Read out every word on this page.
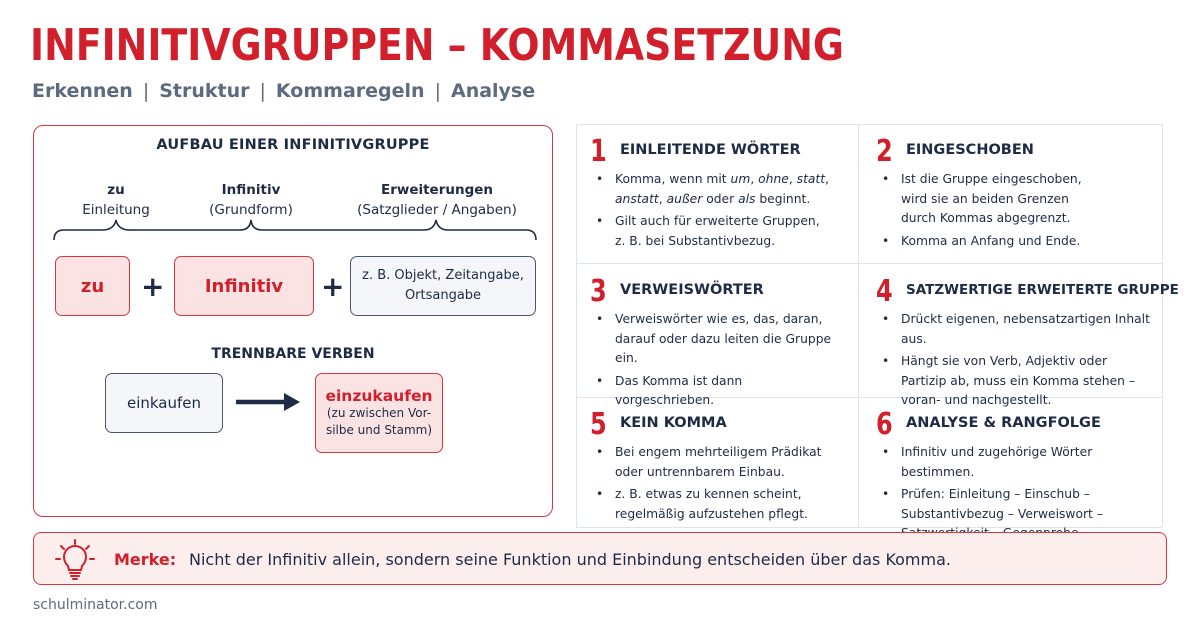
INFINITIVGRUPPEN – KOMMASETZUNG
Erkennen | Struktur | Kommaregeln | Analyse
AUFBAU EINER INFINITIVGRUPPE
zu
Einleitung
Infinitiv
(Grundform)
Erweiterungen
(Satzglieder / Angaben)
zu	+	Infinitiv	+ z. B. Objekt, Zeitangabe,
Ortsangabe
TRENNBARE VERBEN
einkaufen	einzukaufen
(zu zwischen Vor-
silbe und Stamm)
1 EINLEITENDE WÖRTER
• Komma, wenn mit um, ohne, statt,
anstatt, außer oder als beginnt.
• Gilt auch für erweiterte Gruppen,
z. B. bei Substantivbezug.
2 EINGESCHOBEN
• Ist die Gruppe eingeschoben,
wird sie an beiden Grenzen
durch Kommas abgegrenzt.
• Komma an Anfang und Ende.
3 VERWEISWÖRTER
• Verweiswörter wie es, das, daran,
darauf oder dazu leiten die Gruppe ein.
• Das Komma ist dann
vorgeschrieben.
4 SATZWERTIGE ERWEITERTE GRUPPE
• Drückt eigenen, nebensatzartigen Inhalt aus.
• Hängt sie von Verb, Adjektiv oder
Partizip ab, muss ein Komma stehen –
voran- und nachgestellt.
5 KEIN KOMMA
• Bei engem mehrteiligem Prädikat
oder untrennbarem Einbau.
• z. B. etwas zu kennen scheint,
regelmäßig aufzustehen pflegt.
6 ANALYSE & RANGFOLGE
• Infinitiv und zugehörige Wörter bestimmen.
• Prüfen: Einleitung – Einschub –
Substantivbezug – Verweiswort –

Merke: Nicht der Infinitiv allein, sondern seine Funktion und Einbindung entscheiden über das Komma.
schulminator.com
